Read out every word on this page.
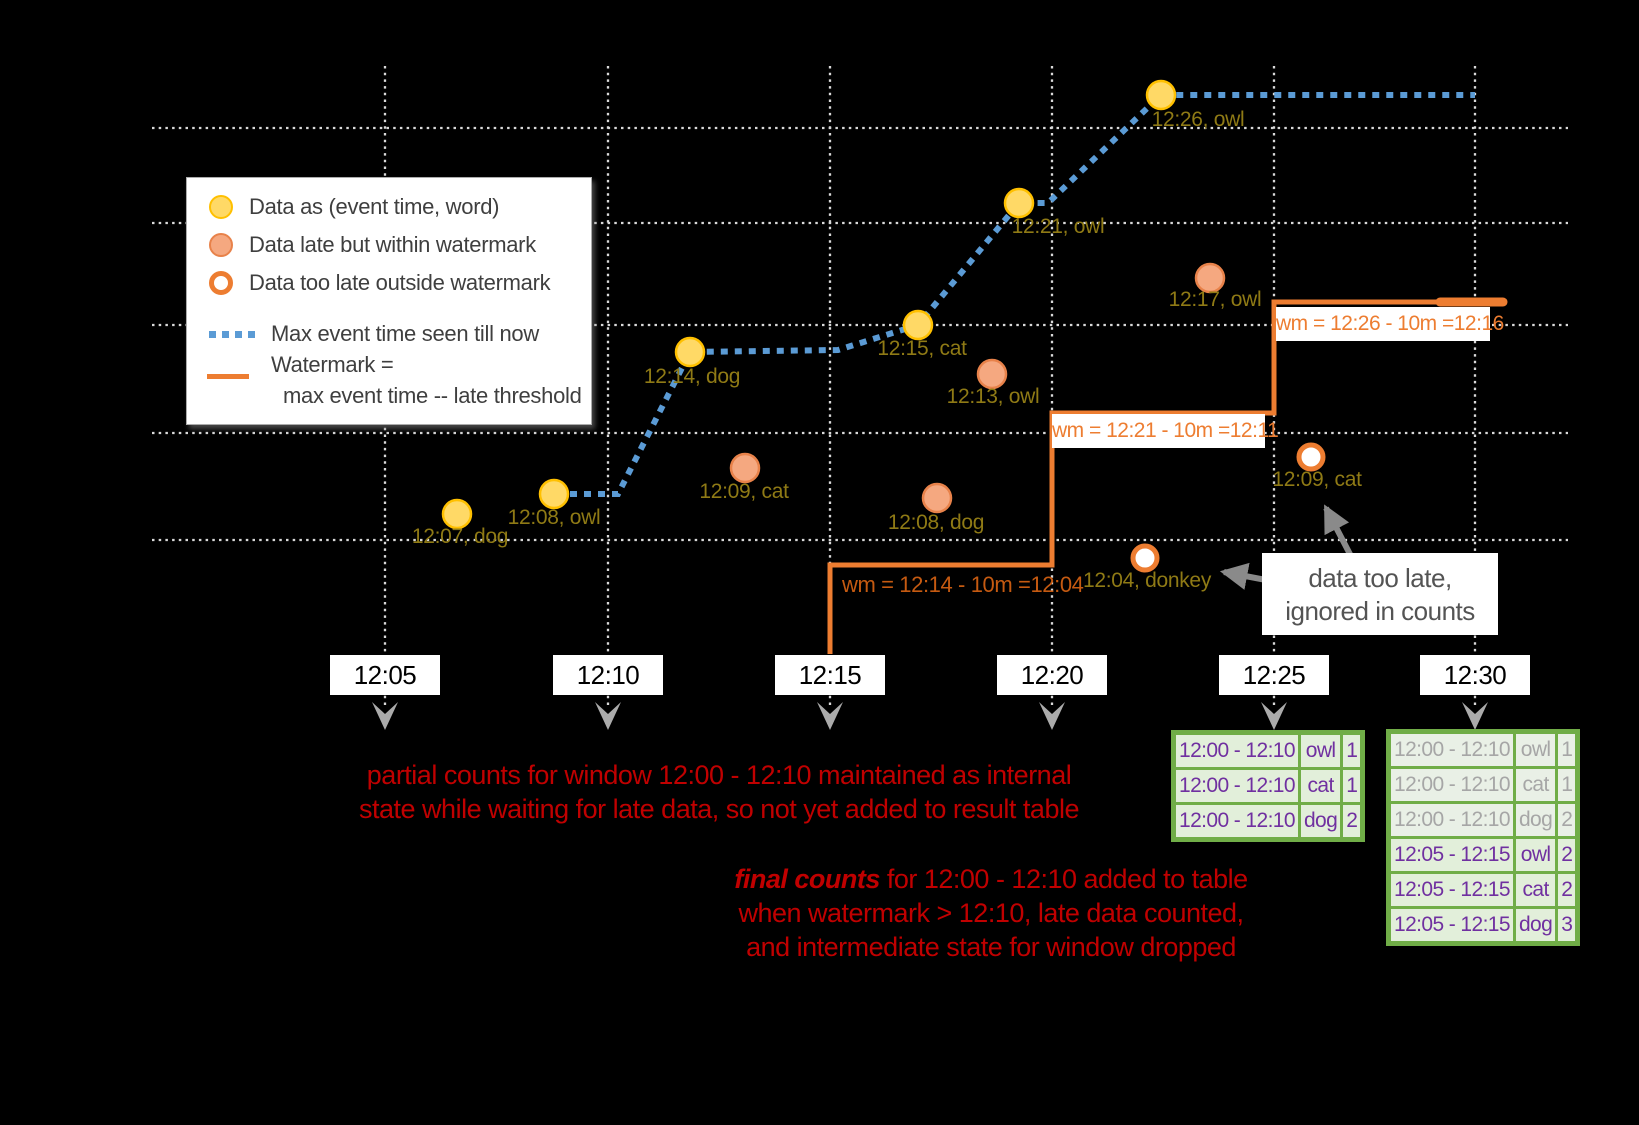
Data as (event time, word)
Data late but within watermark
Data too late outside watermark
Max event time seen till now
Watermark =
max event time -- late threshold
12:05	12:10	12:15	12:20	12:25	12:30
12:07, dog
12:08, owl
12:14, dog
12:15, cat
12:21, owl
12:26, owl
12:09, cat
12:08, dog
12:13, owl
12:17, owl
12:04, donkey
12:09, cat
wm = 12:14 - 10m =12:04
wm = 12:21 - 10m =12:11
wm = 12:26 - 10m =12:16
data too late,
ignored in counts
partial counts for window 12:00 - 12:10 maintained as internal
state while waiting for late data, so not yet added to result table
final counts for 12:00 - 12:10 added to table
when watermark > 12:10, late data counted,
and intermediate state for window dropped
12:00 - 12:10	owl	1
12:00 - 12:10	cat	1
12:00 - 12:10	dog	2
12:00 - 12:10	owl	1
12:00 - 12:10	cat	1
12:00 - 12:10	dog	2
12:05 - 12:15	owl	2
12:05 - 12:15	cat	2
12:05 - 12:15	dog	3
